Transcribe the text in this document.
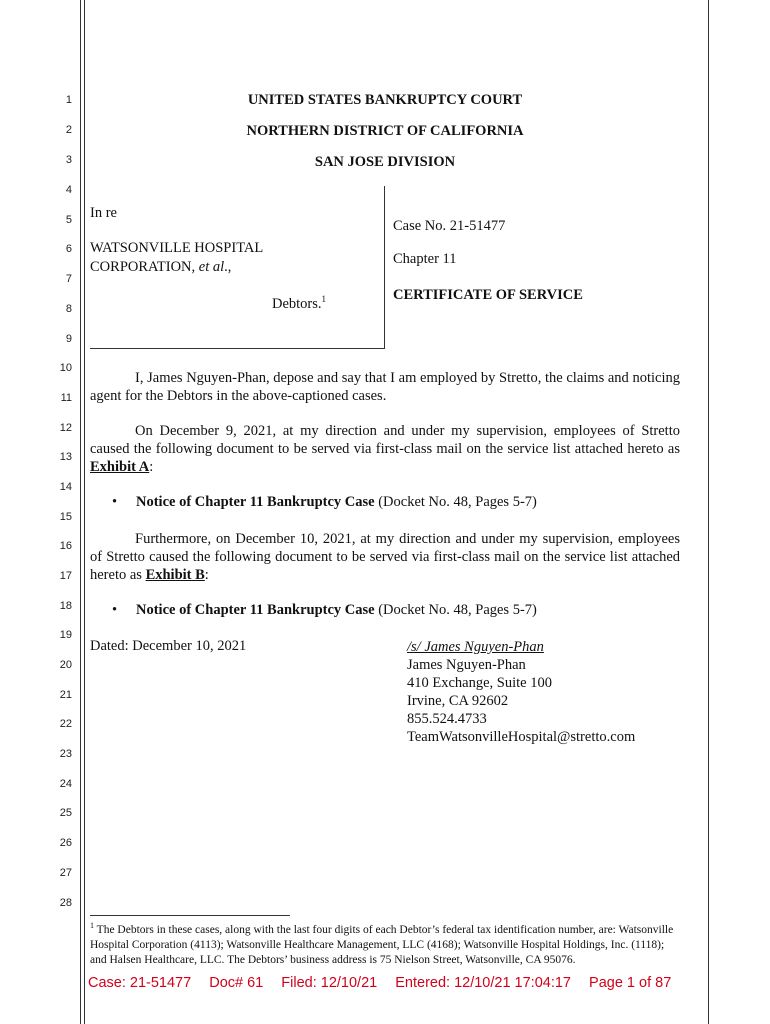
1
2
3
4
5
6
7
8
9
10
11
12
13
14
15
16
17
18
19
20
21
22
23
24
25
26
27
28
UNITED STATES BANKRUPTCY COURT
NORTHERN DISTRICT OF CALIFORNIA
SAN JOSE DIVISION
In re
WATSONVILLE HOSPITAL
CORPORATION, et al.,
Debtors.$^1$
Case No. 21-51477
Chapter 11
CERTIFICATE OF SERVICE
I, James Nguyen-Phan, depose and say that I am employed by Stretto, the claims and noticing agent for the Debtors in the above-captioned cases.
On December 9, 2021, at my direction and under my supervision, employees of Stretto caused the following document to be served via first-class mail on the service list attached hereto as Exhibit A:
• Notice of Chapter 11 Bankruptcy Case (Docket No. 48, Pages 5-7)
Furthermore, on December 10, 2021, at my direction and under my supervision, employees of Stretto caused the following document to be served via first-class mail on the service list attached hereto as Exhibit B:
• Notice of Chapter 11 Bankruptcy Case (Docket No. 48, Pages 5-7)
Dated: December 10, 2021	/s/ James Nguyen-Phan
James Nguyen-Phan
410 Exchange, Suite 100
Irvine, CA 92602
855.524.4733
TeamWatsonvilleHospital@stretto.com
$^1$ The Debtors in these cases, along with the last four digits of each Debtor’s federal tax identification number, are: Watsonville Hospital Corporation (4113); Watsonville Healthcare Management, LLC (4168); Watsonville Hospital Holdings, Inc. (1118); and Halsen Healthcare, LLC. The Debtors’ business address is 75 Nielson Street, Watsonville, CA 95076.
Case: 21-51477 Doc# 61 Filed: 12/10/21 Entered: 12/10/21 17:04:17 Page 1 of 87
